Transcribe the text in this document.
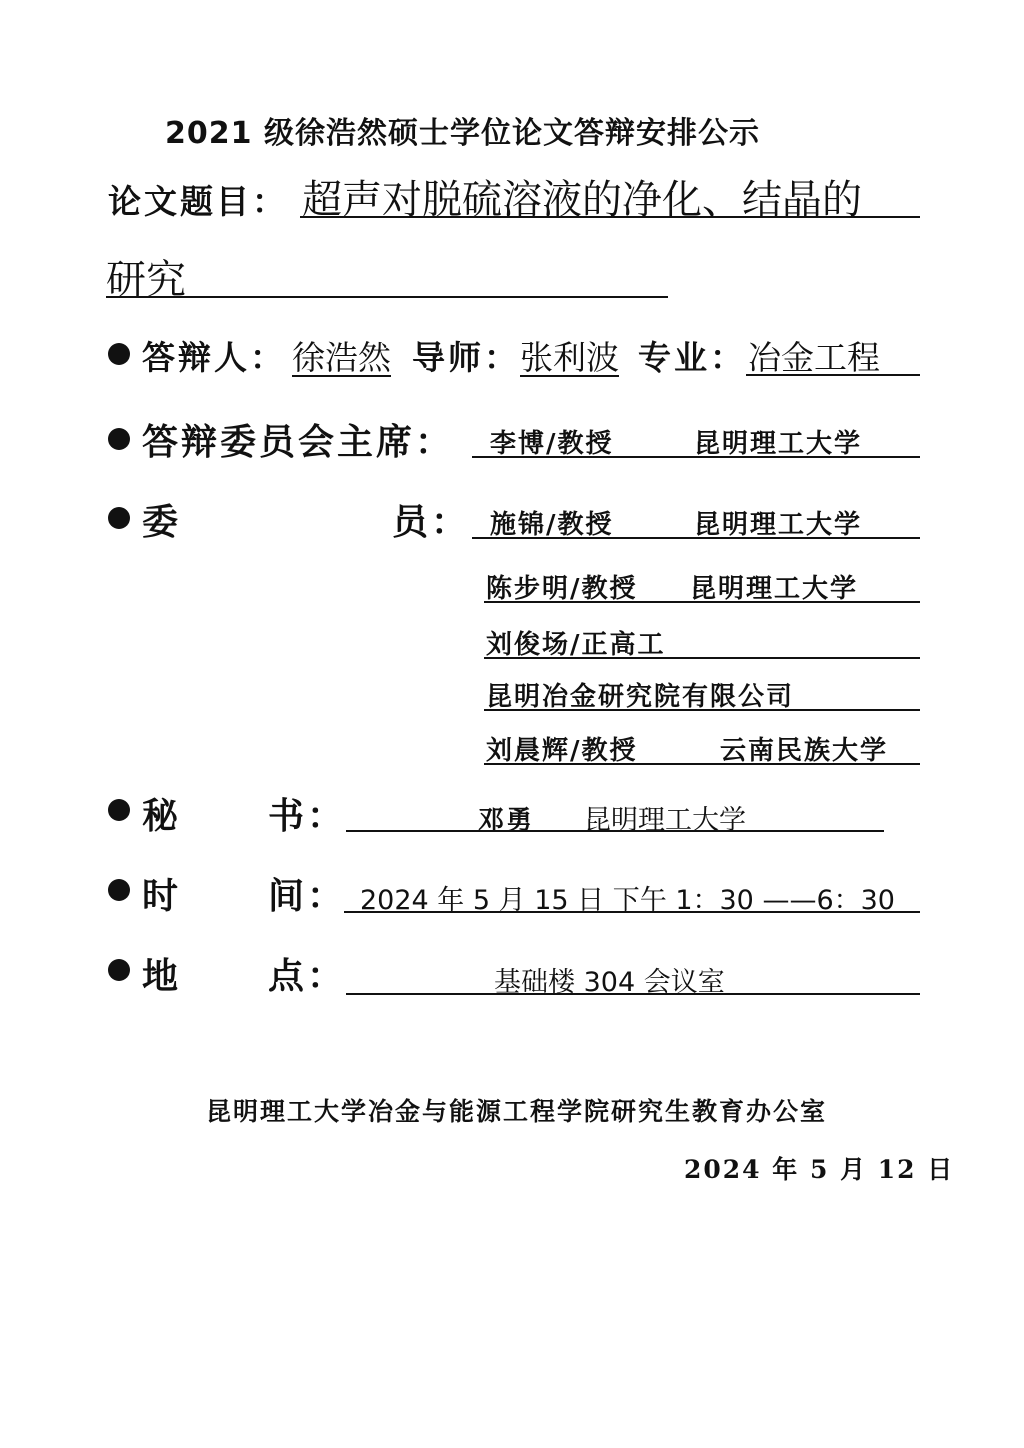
2021 级徐浩然硕士学位论文答辩安排公示
论文题目： 超声对脱硫溶液的净化、结晶的
研究
答辩人： 徐浩然 导师： 张利波 专业： 冶金工程
答辩委员会主席： 李博/教授	昆明理工大学
委	员： 施锦/教授	昆明理工大学
陈步明/教授 昆明理工大学
刘俊场/正高工
昆明冶金研究院有限公司
刘晨辉/教授	云南民族大学
秘 书：	邓勇 昆明理工大学
时 间： 2024 年 5 月 15 日 下午 1：30 ——6：30
地 点：	基础楼 304 会议室
昆明理工大学冶金与能源工程学院研究生教育办公室
2024 年 5 月 12 日
